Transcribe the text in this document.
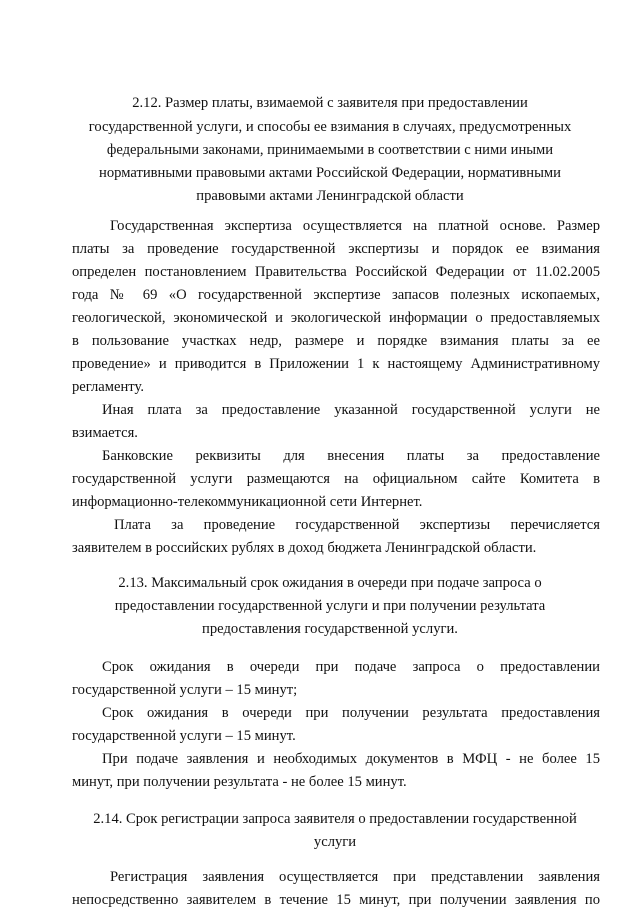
2.12. Размер платы, взимаемой с заявителя при предоставлении
государственной услуги, и способы ее взимания в случаях, предусмотренных
федеральными законами, принимаемыми в соответствии с ними иными
нормативными правовыми актами Российской Федерации, нормативными
правовыми актами Ленинградской области
Государственная экспертиза осуществляется на платной основе. Размер
платы за проведение государственной экспертизы и порядок ее взимания
определен постановлением Правительства Российской Федерации от 11.02.2005
года № 69 «О государственной экспертизе запасов полезных ископаемых,
геологической, экономической и экологической информации о предоставляемых
в пользование участках недр, размере и порядке взимания платы за ее
проведение» и приводится в Приложении 1 к настоящему Административному
регламенту.
Иная плата за предоставление указанной государственной услуги не
взимается.
Банковские реквизиты для внесения платы за предоставление
государственной услуги размещаются на официальном сайте Комитета в
информационно-телекоммуникационной сети Интернет.
Плата за проведение государственной экспертизы перечисляется
заявителем в российских рублях в доход бюджета Ленинградской области.
2.13. Максимальный срок ожидания в очереди при подаче запроса о
предоставлении государственной услуги и при получении результата
предоставления государственной услуги.
Срок ожидания в очереди при подаче запроса о предоставлении
государственной услуги – 15 минут;
Срок ожидания в очереди при получении результата предоставления
государственной услуги – 15 минут.
При подаче заявления и необходимых документов в МФЦ - не более 15
минут, при получении результата - не более 15 минут.
2.14. Срок регистрации запроса заявителя о предоставлении государственной
услуги
Регистрация заявления осуществляется при представлении заявления
непосредственно заявителем в течение 15 минут, при получении заявления по
